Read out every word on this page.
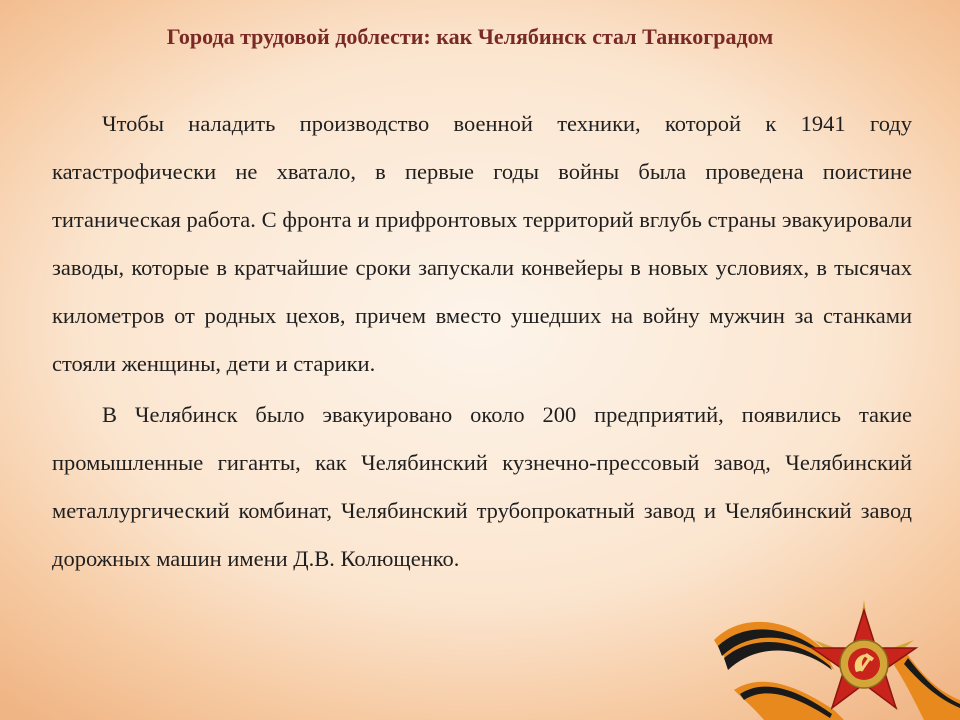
Города трудовой доблести: как Челябинск стал Танкоградом

Чтобы наладить производство военной техники, которой к 1941 году катастрофически не хватало, в первые годы войны была проведена поистине титаническая работа. С фронта и прифронтовых территорий вглубь страны эвакуировали заводы, которые в кратчайшие сроки запускали конвейеры в новых условиях, в тысячах километров от родных цехов, причем вместо ушедших на войну мужчин за станками стояли женщины, дети и старики.

В Челябинск было эвакуировано около 200 предприятий, появились такие промышленные гиганты, как Челябинский кузнечно-прессовый завод, Челябинский металлургический комбинат, Челябинский трубопрокатный завод и Челябинский завод дорожных машин имени Д.В. Колющенко.
